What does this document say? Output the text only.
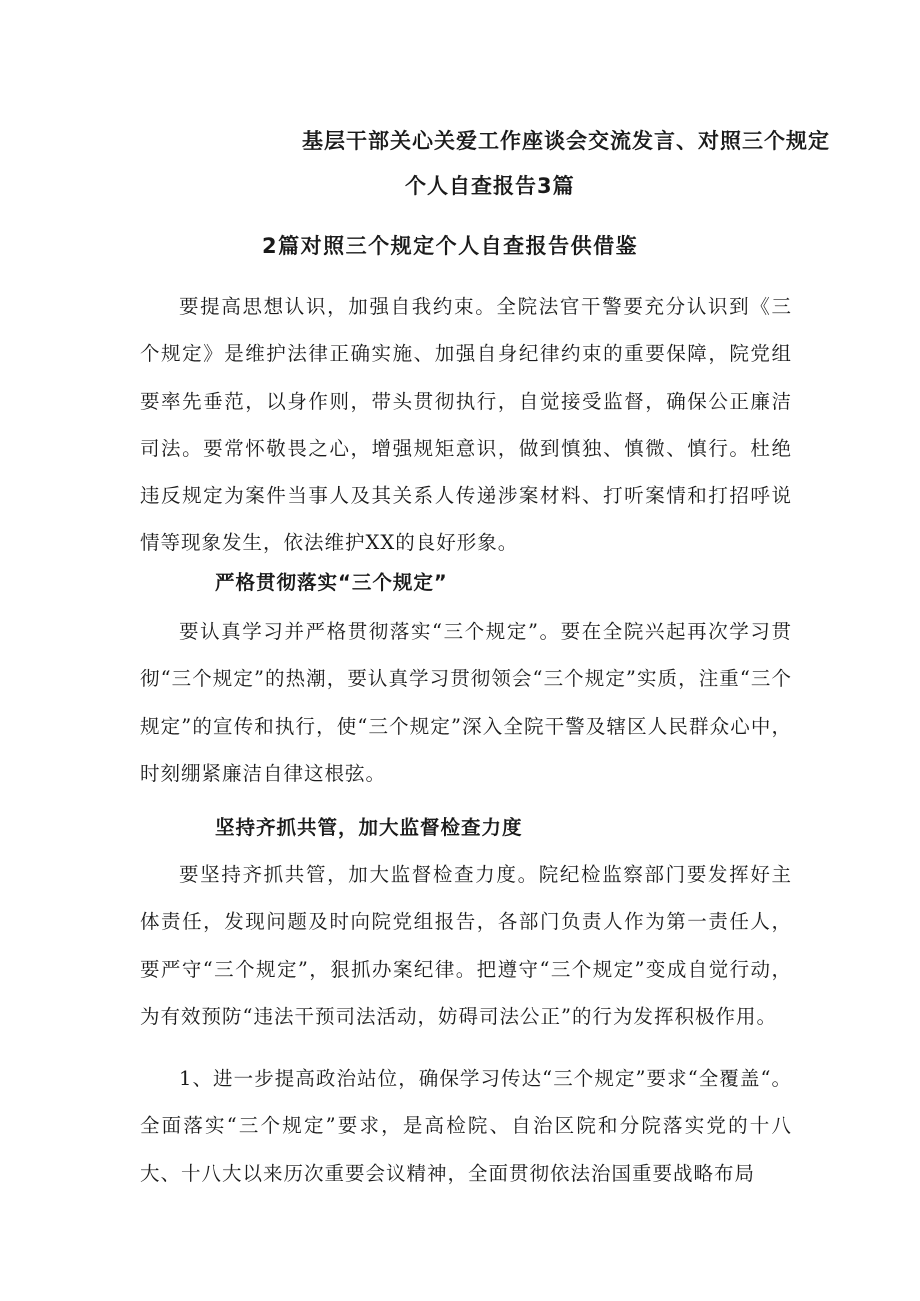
基层干部关心关爱工作座谈会交流发言、对照三个规定
个人自查报告3篇
2篇对照三个规定个人自查报告供借鉴

要提高思想认识，加强自我约束。全院法官干警要充分认识到《三个规定》是维护法律正确实施、加强自身纪律约束的重要保障，院党组要率先垂范，以身作则，带头贯彻执行，自觉接受监督，确保公正廉洁司法。要常怀敬畏之心，增强规矩意识，做到慎独、慎微、慎行。杜绝违反规定为案件当事人及其关系人传递涉案材料、打听案情和打招呼说情等现象发生，依法维护XX的良好形象。

严格贯彻落实“三个规定”

要认真学习并严格贯彻落实“三个规定”。要在全院兴起再次学习贯彻“三个规定”的热潮，要认真学习贯彻领会“三个规定”实质，注重“三个规定”的宣传和执行，使“三个规定”深入全院干警及辖区人民群众心中，时刻绷紧廉洁自律这根弦。

坚持齐抓共管，加大监督检查力度

要坚持齐抓共管，加大监督检查力度。院纪检监察部门要发挥好主体责任，发现问题及时向院党组报告，各部门负责人作为第一责任人，要严守“三个规定”，狠抓办案纪律。把遵守“三个规定”变成自觉行动，为有效预防“违法干预司法活动，妨碍司法公正”的行为发挥积极作用。

1、进一步提高政治站位，确保学习传达“三个规定”要求“全覆盖“。全面落实“三个规定”要求，是高检院、自治区院和分院落实党的十八大、十八大以来历次重要会议精神，全面贯彻依法治国重要战略布局
